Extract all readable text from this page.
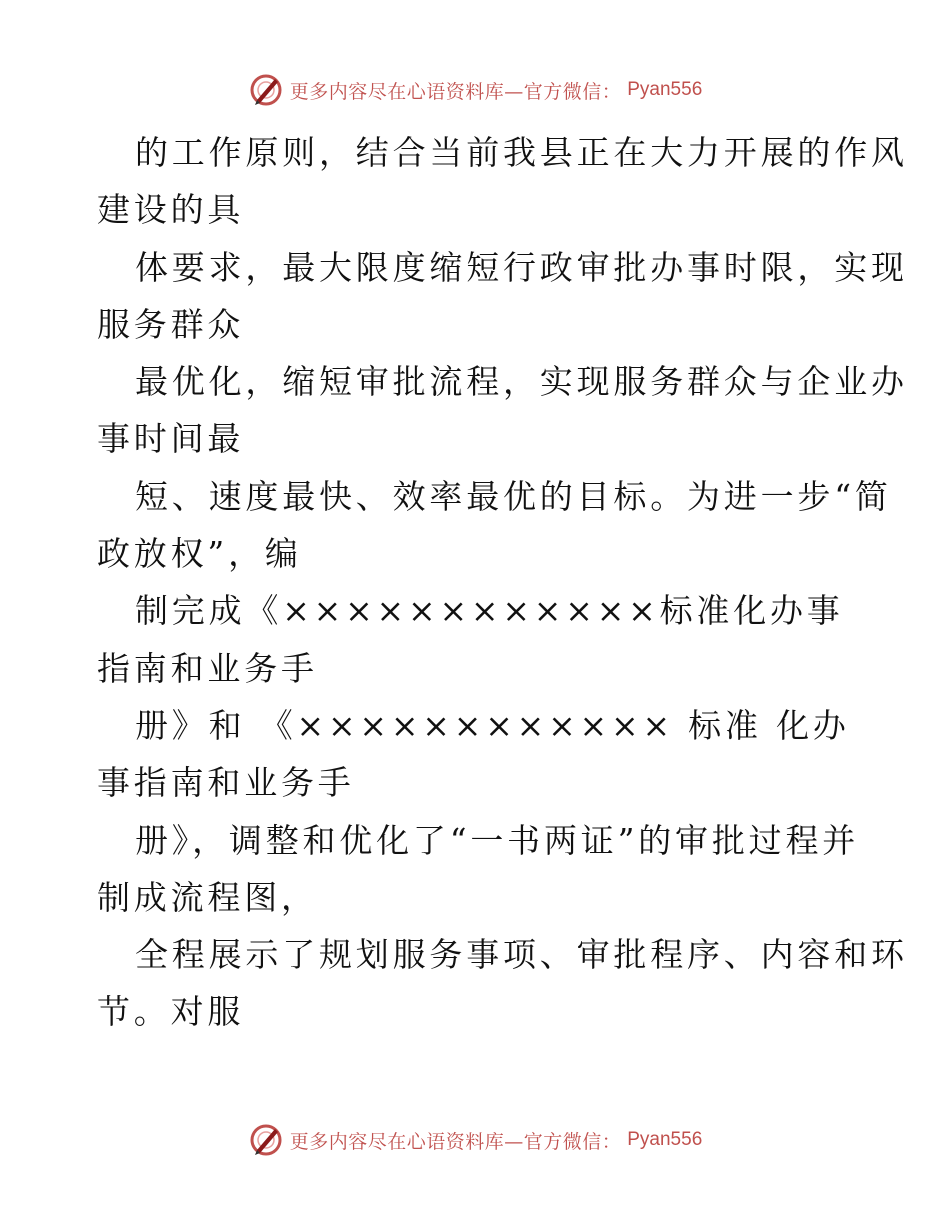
更多内容尽在心语资料库—官方微信： Pyan556

的工作原则，结合当前我县正在大力开展的作风
建设的具

体要求，最大限度缩短行政审批办事时限，实现
服务群众

最优化，缩短审批流程，实现服务群众与企业办
事时间最

短、速度最快、效率最优的目标。为进一步“简
政放权”，编

制完成《××××××××××××标准化办事
指南和业务手

册》和 《×××××××××××× 标准 化办
事指南和业务手

册》，调整和优化了“一书两证”的审批过程并
制成流程图，

全程展示了规划服务事项、审批程序、内容和环
节。对服

更多内容尽在心语资料库—官方微信： Pyan556
